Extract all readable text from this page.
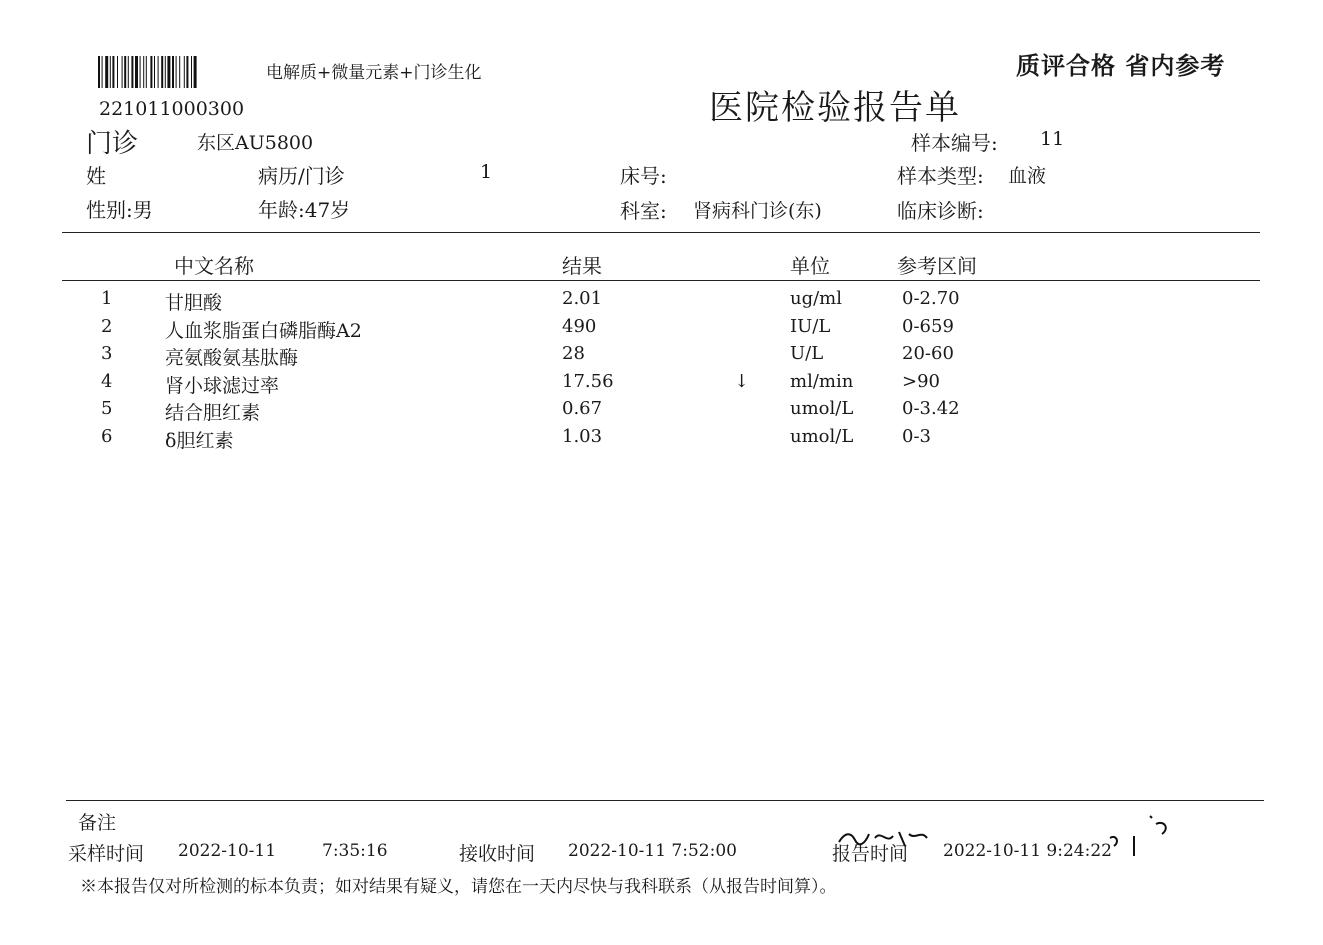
221011000300
电解质+微量元素+门诊生化	质评合格 省内参考
医院检验报告单
门诊	东区AU5800	样本编号: 11
姓	病历/门诊	1	床号:	样本类型: 血液
性别:男	年龄:47岁	科室: 肾病科门诊(东)	临床诊断:
中文名称	结果	单位	参考区间
1	甘胆酸	2.01	ug/ml	0-2.70
2	人血浆脂蛋白磷脂酶A2	490	IU/L	0-659
3	亮氨酸氨基肽酶	28	U/L	20-60
4	肾小球滤过率	17.56	↓ ml/min	>90
5	结合胆红素	0.67	umol/L	0-3.42
6	δ胆红素	1.03	umol/L	0-3
备注
采样时间 2022-10-11	7:35:16	接收时间 2022-10-11 7:52:00	报告时间 2022-10-11 9:24:22
※本报告仅对所检测的标本负责；如对结果有疑义，请您在一天内尽快与我科联系（从报告时间算）。
